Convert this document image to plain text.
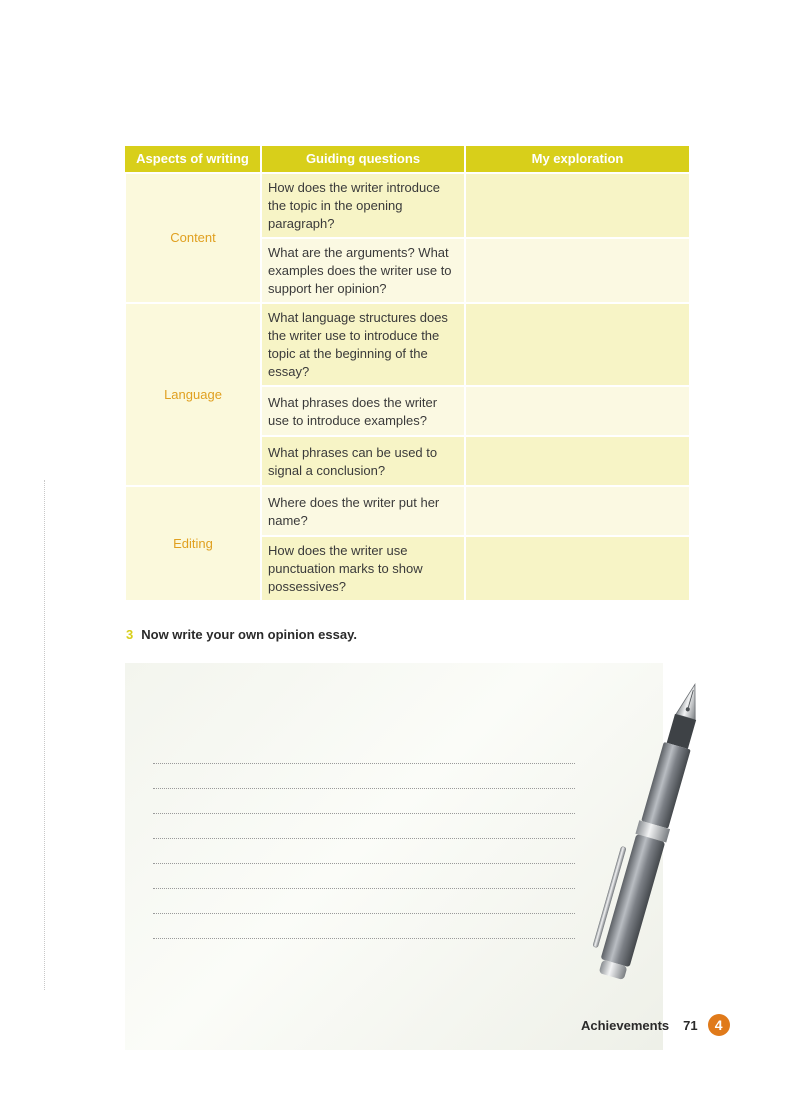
Aspects of writing	Guiding questions	My exploration
Content	How does the writer introduce the topic in the opening paragraph?	
	What are the arguments? What examples does the writer use to support her opinion?	
Language	What language structures does the writer use to introduce the topic at the beginning of the essay?	
	What phrases does the writer use to introduce examples?	
	What phrases can be used to signal a conclusion?	
Editing	Where does the writer put her name?	
	How does the writer use punctuation marks to show possessives?	
3 Now write your own opinion essay.
Achievements 71	4
